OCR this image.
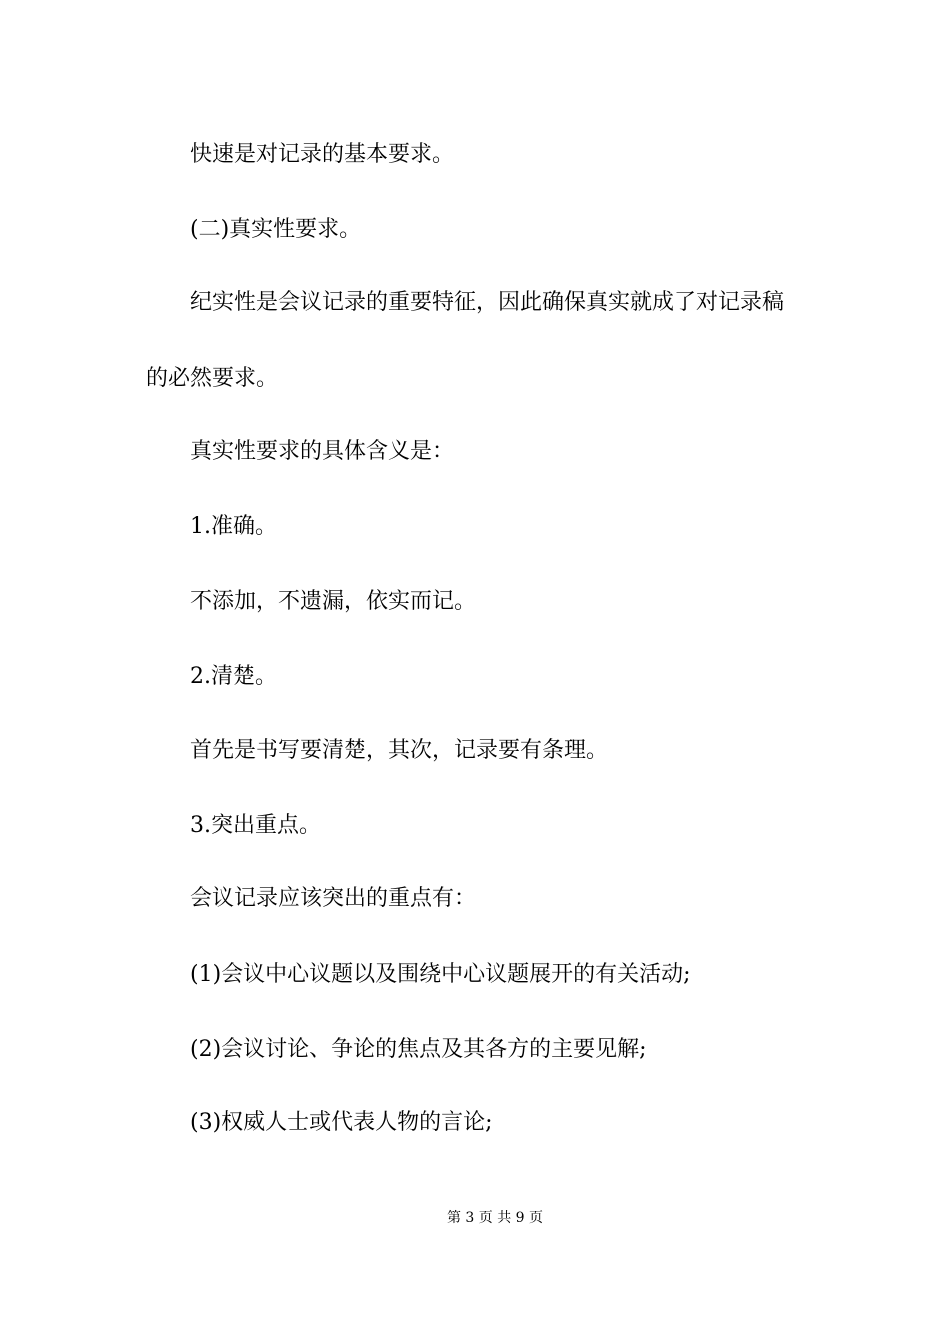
快速是对记录的基本要求。
(二)真实性要求。
纪实性是会议记录的重要特征，因此确保真实就成了对记录稿
的必然要求。
真实性要求的具体含义是：
1.准确。
不添加，不遗漏，依实而记。
2.清楚。
首先是书写要清楚，其次，记录要有条理。
3.突出重点。
会议记录应该突出的重点有：
(1)会议中心议题以及围绕中心议题展开的有关活动;
(2)会议讨论、争论的焦点及其各方的主要见解;
(3)权威人士或代表人物的言论;
第 3 页 共 9 页
